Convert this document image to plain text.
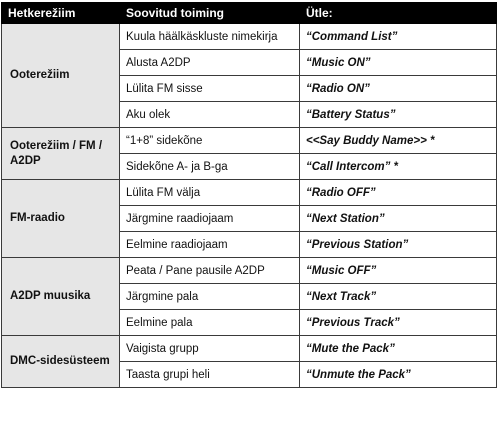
Hetkerežiim	Soovitud toiming	Ütle:
Ooterežiim	Kuula häälkäskluste nimekirja	“Command List”
	Alusta A2DP	“Music ON”
	Lülita FM sisse	“Radio ON”
	Aku olek	“Battery Status”
Ooterežiim / FM / A2DP	“1+8” sidekõne	<<Say Buddy Name>> *
	Sidekõne A- ja B-ga	“Call Intercom” *
FM-raadio	Lülita FM välja	“Radio OFF”
	Järgmine raadiojaam	“Next Station”
	Eelmine raadiojaam	“Previous Station”
A2DP muusika	Peata / Pane pausile A2DP	“Music OFF”
	Järgmine pala	“Next Track”
	Eelmine pala	“Previous Track”
DMC-sidesüsteem	Vaigista grupp	“Mute the Pack”
	Taasta grupi heli	“Unmute the Pack”
